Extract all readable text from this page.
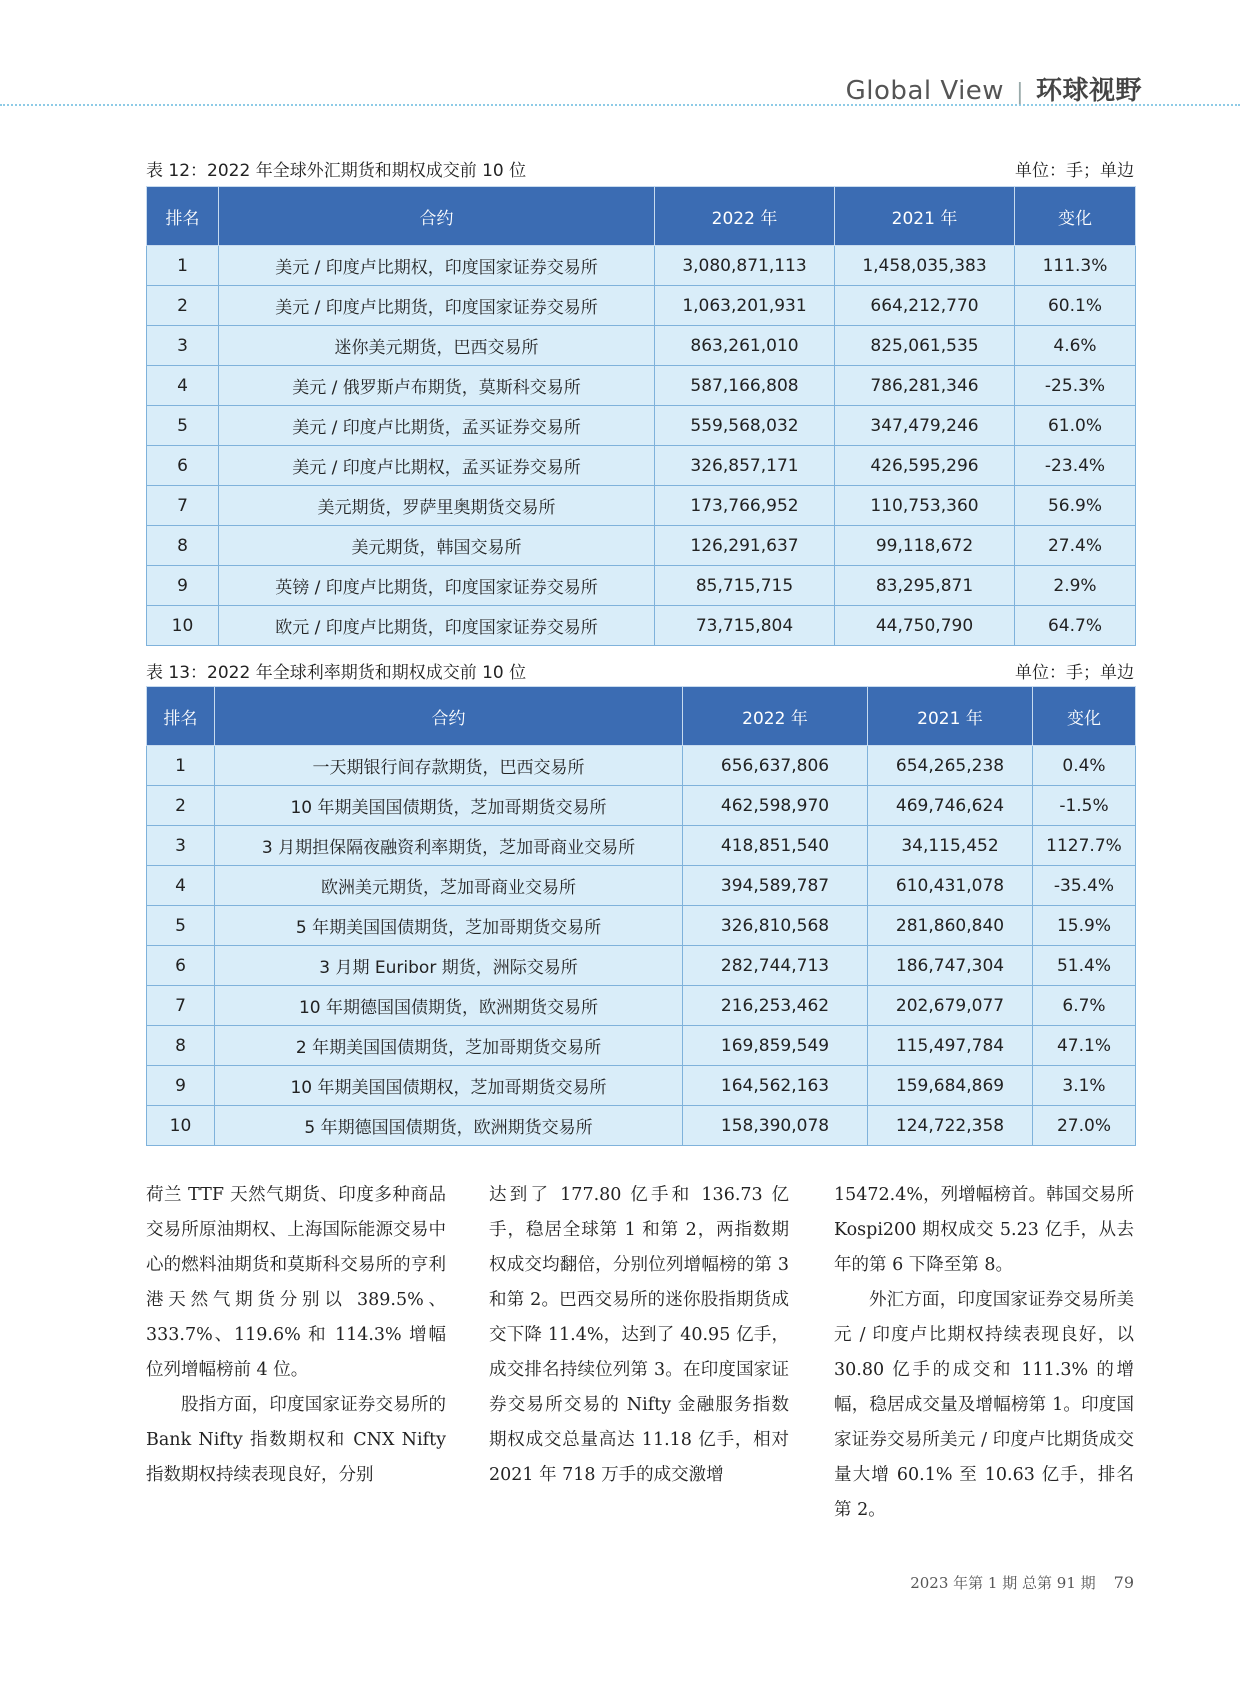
Global View | 环球视野
表 12：2022 年全球外汇期货和期权成交前 10 位	单位：手；单边
排名	合约	2022 年	2021 年	变化
1	美元 / 印度卢比期权，印度国家证券交易所	3,080,871,113	1,458,035,383	111.3%
2	美元 / 印度卢比期货，印度国家证券交易所	1,063,201,931	664,212,770	60.1%
3	迷你美元期货，巴西交易所	863,261,010	825,061,535	4.6%
4	美元 / 俄罗斯卢布期货，莫斯科交易所	587,166,808	786,281,346	-25.3%
5	美元 / 印度卢比期货，孟买证券交易所	559,568,032	347,479,246	61.0%
6	美元 / 印度卢比期权，孟买证券交易所	326,857,171	426,595,296	-23.4%
7	美元期货，罗萨里奥期货交易所	173,766,952	110,753,360	56.9%
8	美元期货，韩国交易所	126,291,637	99,118,672	27.4%
9	英镑 / 印度卢比期货，印度国家证券交易所	85,715,715	83,295,871	2.9%
10	欧元 / 印度卢比期货，印度国家证券交易所	73,715,804	44,750,790	64.7%
表 13：2022 年全球利率期货和期权成交前 10 位	单位：手；单边
排名	合约	2022 年	2021 年	变化
1	一天期银行间存款期货，巴西交易所	656,637,806	654,265,238	0.4%
2	10 年期美国国债期货，芝加哥期货交易所	462,598,970	469,746,624	-1.5%
3	3 月期担保隔夜融资利率期货，芝加哥商业交易所	418,851,540	34,115,452	1127.7%
4	欧洲美元期货，芝加哥商业交易所	394,589,787	610,431,078	-35.4%
5	5 年期美国国债期货，芝加哥期货交易所	326,810,568	281,860,840	15.9%
6	3 月期 Euribor 期货，洲际交易所	282,744,713	186,747,304	51.4%
7	10 年期德国国债期货，欧洲期货交易所	216,253,462	202,679,077	6.7%
8	2 年期美国国债期货，芝加哥期货交易所	169,859,549	115,497,784	47.1%
9	10 年期美国国债期权，芝加哥期货交易所	164,562,163	159,684,869	3.1%
10	5 年期德国国债期货，欧洲期货交易所	158,390,078	124,722,358	27.0%

荷兰 TTF 天然气期货、印度多种商品交易所原油期权、上海国际能源交易中心的燃料油期货和莫斯科交易所的亨利港天然气期货分别以 389.5%、333.7%、119.6% 和 114.3% 增幅位列增幅榜前 4 位。

股指方面，印度国家证券交易所的 Bank Nifty 指数期权和 CNX Nifty 指数期权持续表现良好，分别

达到了 177.80 亿手和 136.73 亿手，稳居全球第 1 和第 2，两指数期权成交均翻倍，分别位列增幅榜的第 3 和第 2。巴西交易所的迷你股指期货成交下降 11.4%，达到了 40.95 亿手，成交排名持续位列第 3。在印度国家证券交易所交易的 Nifty 金融服务指数期权成交总量高达 11.18 亿手，相对 2021 年 718 万手的成交激增

15472.4%，列增幅榜首。韩国交易所 Kospi200 期权成交 5.23 亿手，从去年的第 6 下降至第 8。

外汇方面，印度国家证券交易所美元 / 印度卢比期权持续表现良好，以 30.80 亿手的成交和 111.3% 的增幅，稳居成交量及增幅榜第 1。印度国家证券交易所美元 / 印度卢比期货成交量大增 60.1% 至 10.63 亿手，排名第 2。

2023 年第 1 期 总第 91 期 79
